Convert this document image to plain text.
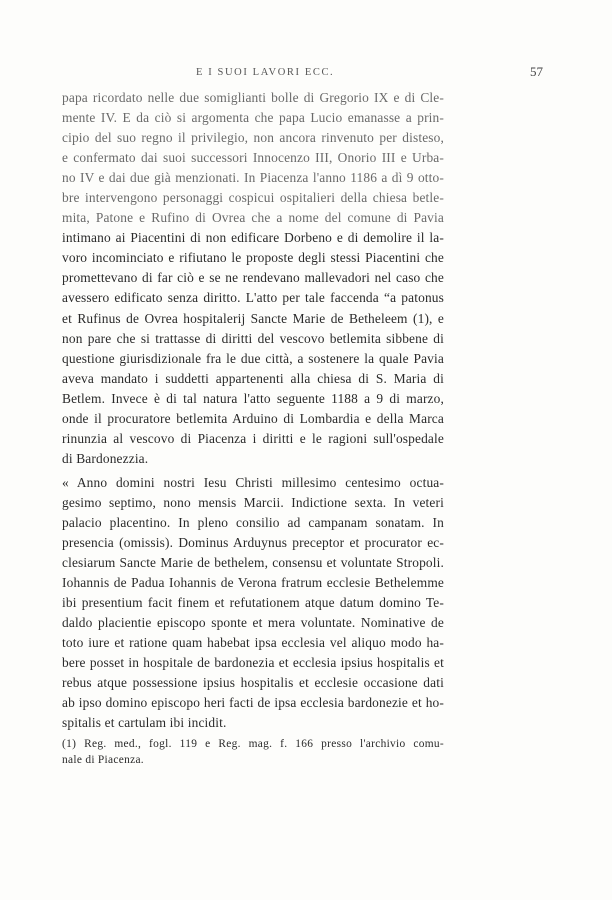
E I SUOI LAVORI ECC.	57
papa ricordato nelle due somiglianti bolle di Gregorio IX e di Cle-
mente IV. E da ciò si argomenta che papa Lucio emanasse a prin-
cipio del suo regno il privilegio, non ancora rinvenuto per disteso,
e confermato dai suoi successori Innocenzo III, Onorio III e Urba-
no IV e dai due già menzionati. In Piacenza l'anno 1186 a dì 9 otto-
bre intervengono personaggi cospicui ospitalieri della chiesa betle-
mita, Patone e Rufino di Ovrea che a nome del comune di Pavia
intimano ai Piacentini di non edificare Dorbeno e di demolire il la-
voro incominciato e rifiutano le proposte degli stessi Piacentini che
promettevano di far ciò e se ne rendevano mallevadori nel caso che
avessero edificato senza diritto. L'atto per tale faccenda “a patonus
et Rufinus de Ovrea hospitalerij Sancte Marie de Betheleem (1), e
non pare che si trattasse di diritti del vescovo betlemita sibbene di
questione giurisdizionale fra le due città, a sostenere la quale Pavia
aveva mandato i suddetti appartenenti alla chiesa di S. Maria di
Betlem. Invece è di tal natura l'atto seguente 1188 a 9 di marzo,
onde il procuratore betlemita Arduino di Lombardia e della Marca
rinunzia al vescovo di Piacenza i diritti e le ragioni sull'ospedale
di Bardonezzia.
« Anno domini nostri Iesu Christi millesimo centesimo octua-
gesimo septimo, nono mensis Marcii. Indictione sexta. In veteri
palacio placentino. In pleno consilio ad campanam sonatam. In
presencia (omissis). Dominus Arduynus preceptor et procurator ec-
clesiarum Sancte Marie de bethelem, consensu et voluntate Stropoli.
Iohannis de Padua Iohannis de Verona fratrum ecclesie Bethelemme
ibi presentium facit finem et refutationem atque datum domino Te-
daldo placientie episcopo sponte et mera voluntate. Nominative de
toto iure et ratione quam habebat ipsa ecclesia vel aliquo modo ha-
bere posset in hospitale de bardonezia et ecclesia ipsius hospitalis et
rebus atque possessione ipsius hospitalis et ecclesie occasione dati
ab ipso domino episcopo heri facti de ipsa ecclesia bardonezie et ho-
spitalis et cartulam ibi incidit.
(1) Reg. med., fogl. 119 e Reg. mag. f. 166 presso l'archivio comu-
nale di Piacenza.
